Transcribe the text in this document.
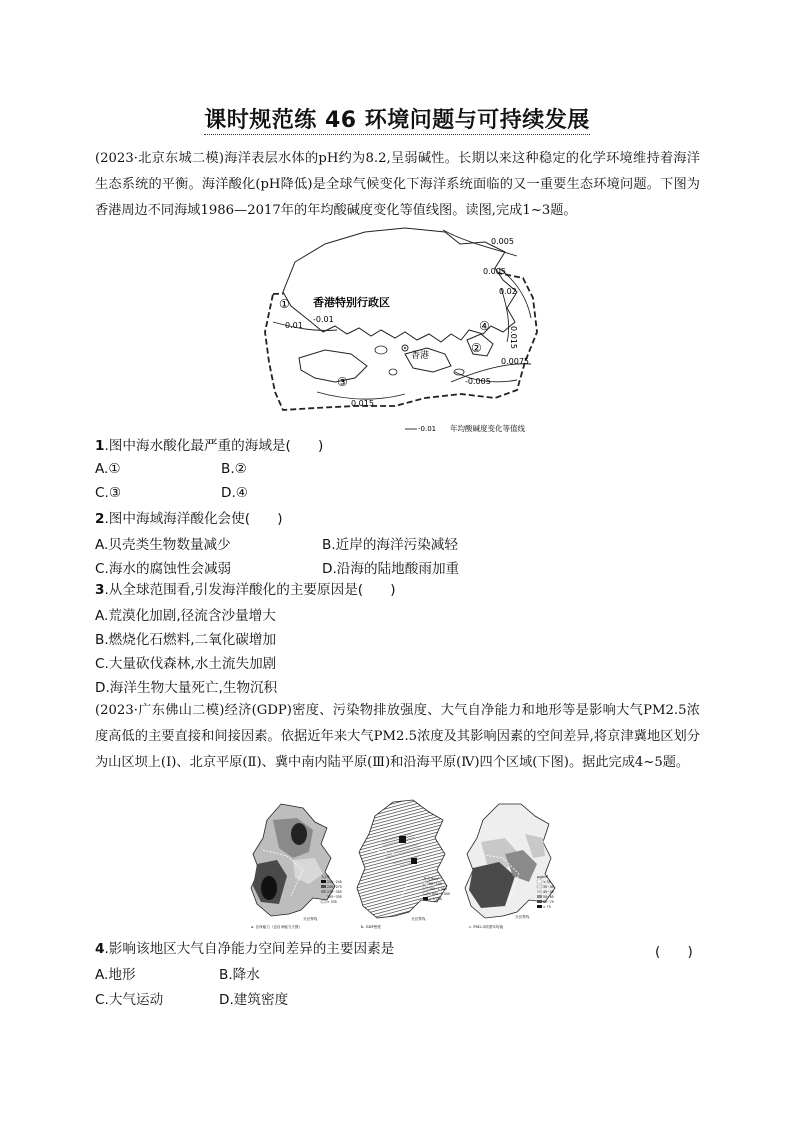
课时规范练 46 环境问题与可持续发展

(2023·北京东城二模)海洋表层水体的pH约为8.2,呈弱碱性。长期以来这种稳定的化学环境维持着海洋生态系统的平衡。海洋酸化(pH降低)是全球气候变化下海洋系统面临的又一重要生态环境问题。下图为香港周边不同海域1986—2017年的年均酸碱度变化等值线图。读图,完成1~3题。

0.005
0.005
0.02
0.015
0.01
0.0075
-0.005
0.015
-0.01
香港特别行政区
香港
①
②
③
④
-0.01 年均酸碱度变化等值线
1.图中海水酸化最严重的海域是(　　)
A.①	B.②
C.③	D.④
2.图中海域海洋酸化会使(　　)
A.贝壳类生物数量减少	B.近岸的海洋污染减轻
C.海水的腐蚀性会减弱	D.沿海的陆地酸雨加重
3.从全球范围看,引发海洋酸化的主要原因是(　　)
A.荒漠化加剧,径流含沙量增大
B.燃烧化石燃料,二氧化碳增加
C.大量砍伐森林,水土流失加剧
D.海洋生物大量死亡,生物沉积

(2023·广东佛山二模)经济(GDP)密度、污染物排放强度、大气自净能力和地形等是影响大气PM2.5浓度高低的主要直接和间接因素。依据近年来大气PM2.5浓度及其影响因素的空间差异,将京津冀地区划分为山区坝上(Ⅰ)、北京平原(Ⅱ)、冀中南内陆平原(Ⅲ)和沿海平原(Ⅳ)四个区域(下图)。据此完成4~5题。

a. 自净能力（良自净能力天数）
分区界线
天/年
215~245
245~275
275~305
305~335
> 335
b. GDP密度
分区界线
万元/km²
50~100
100~1 000
1 000~5 000
> 5 000
c. PM2.5浓度年均值
分区界线
μg/m³
< 35
35~45
45~55
55~65
65~75
> 75
4.影响该地区大气自净能力空间差异的主要因素是	(　　)
A.地形	B.降水
C.大气运动	D.建筑密度
